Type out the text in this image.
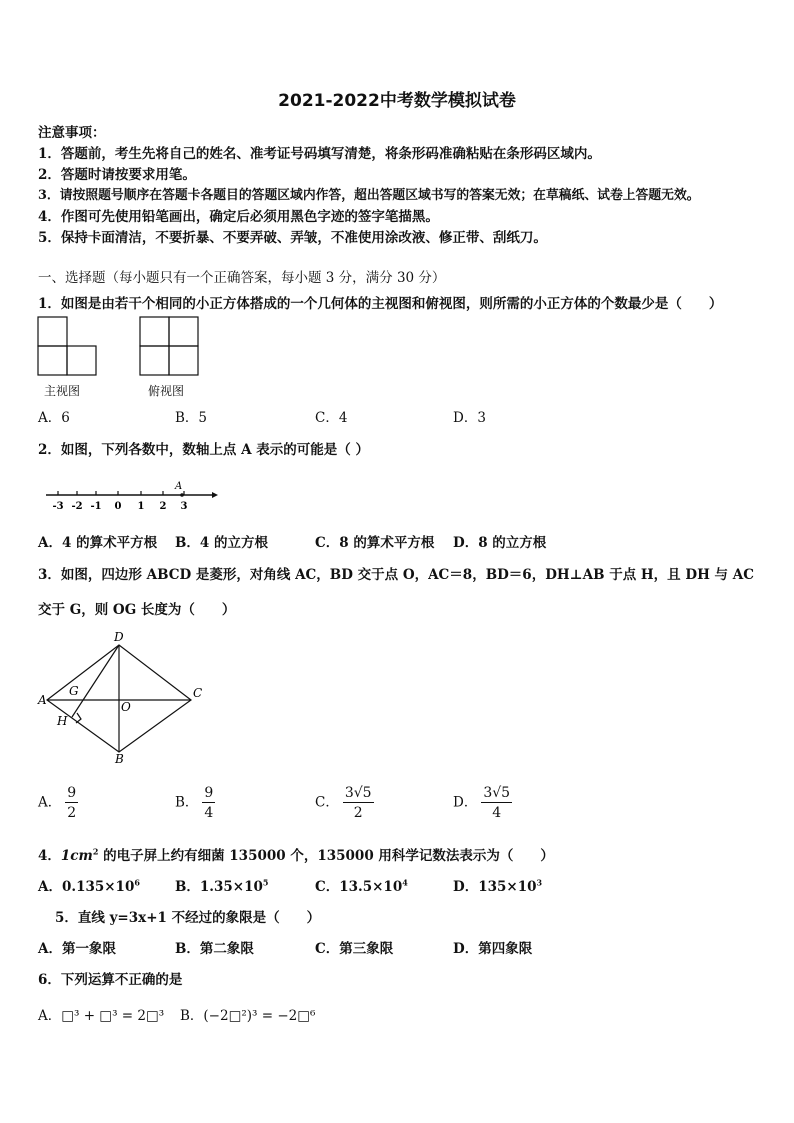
2021-2022中考数学模拟试卷
注意事项：
1．答题前，考生先将自己的姓名、准考证号码填写清楚，将条形码准确粘贴在条形码区域内。
2．答题时请按要求用笔。
3．请按照题号顺序在答题卡各题目的答题区域内作答，超出答题区域书写的答案无效；在草稿纸、试卷上答题无效。
4．作图可先使用铅笔画出，确定后必须用黑色字迹的签字笔描黑。
5．保持卡面清洁，不要折暴、不要弄破、弄皱，不准使用涂改液、修正带、刮纸刀。
一、选择题（每小题只有一个正确答案，每小题 3 分，满分 30 分）
1．如图是由若干个相同的小正方体搭成的一个几何体的主视图和俯视图，则所需的小正方体的个数最少是（　　）
主视图	俯视图
A．6	B．5	C．4	D．3
2．如图，下列各数中，数轴上点 A 表示的可能是（ ）
A
-3 -2 -1 0 1 2 3
A．4 的算术平方根 B．4 的立方根	C．8 的算术平方根 D．8 的立方根
3．如图，四边形 ABCD 是菱形，对角线 AC，BD 交于点 O，AC＝8，BD＝6，DH⊥AB 于点 H，且 DH 与 AC
交于 G，则 OG 长度为（　　）
D
A	C
B
G
H
O
A． $\frac{9}{2}$	B． $\frac{9}{4}$	C． $\frac{3√5}{2}$	D． $\frac{3√5}{4}$
4．$1cm^2$ 的电子屏上约有细菌 135000 个，135000 用科学记数法表示为（　　）
A．$0.135\times 10^6$	B．$1.35\times 10^5$	C．$13.5\times 10^4$	D．$135\times 10^3$
5．直线 y=3x+1 不经过的象限是（　　）
A．第一象限	B．第二象限	C．第三象限	D．第四象限
6．下列运算不正确的是
A．□³ + □³ = 2□³ B．(−2□²)³ = −2□⁶
